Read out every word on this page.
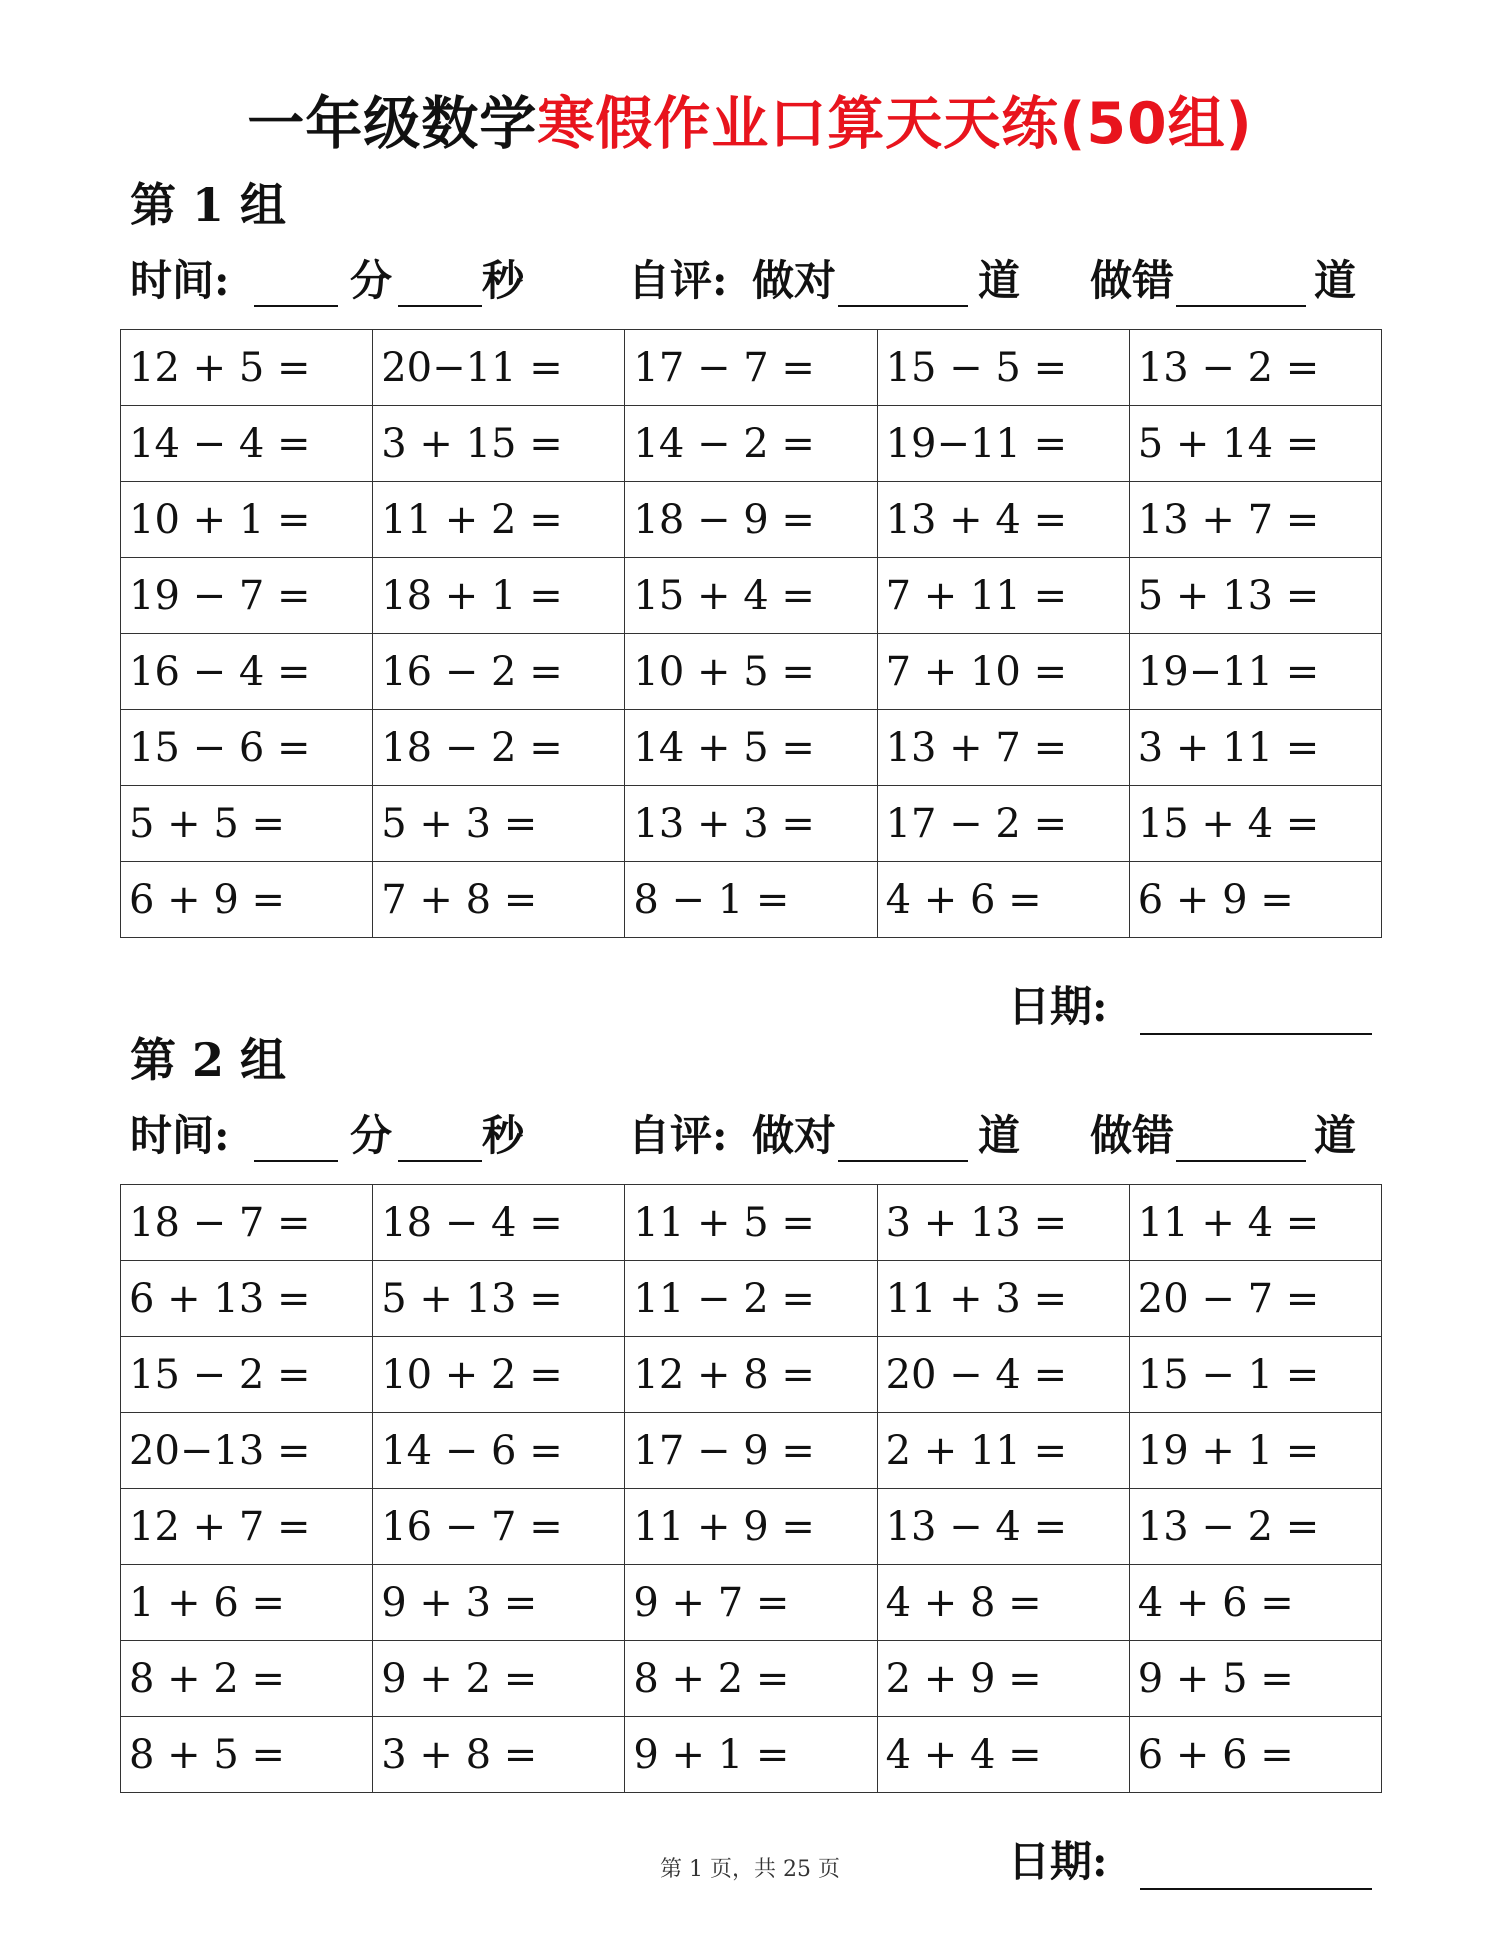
一年级数学寒假作业口算天天练(50组)
第 1 组
时间:	分 秒 自评: 做对	道 做错	道
12 + 5 =	20−11 =	17 − 7 =	15 − 5 =	13 − 2 =
14 − 4 =	3 + 15 =	14 − 2 =	19−11 =	5 + 14 =
10 + 1 =	11 + 2 =	18 − 9 =	13 + 4 =	13 + 7 =
19 − 7 =	18 + 1 =	15 + 4 =	7 + 11 =	5 + 13 =
16 − 4 =	16 − 2 =	10 + 5 =	7 + 10 =	19−11 =
15 − 6 =	18 − 2 =	14 + 5 =	13 + 7 =	3 + 11 =
5 + 5 =	5 + 3 =	13 + 3 =	17 − 2 =	15 + 4 =
6 + 9 =	7 + 8 =	8 − 1 =	4 + 6 =	6 + 9 =
日期:
第 2 组
时间:	分 秒 自评: 做对	道 做错	道
18 − 7 =	18 − 4 =	11 + 5 =	3 + 13 =	11 + 4 =
6 + 13 =	5 + 13 =	11 − 2 =	11 + 3 =	20 − 7 =
15 − 2 =	10 + 2 =	12 + 8 =	20 − 4 =	15 − 1 =
20−13 =	14 − 6 =	17 − 9 =	2 + 11 =	19 + 1 =
12 + 7 =	16 − 7 =	11 + 9 =	13 − 4 =	13 − 2 =
1 + 6 =	9 + 3 =	9 + 7 =	4 + 8 =	4 + 6 =
8 + 2 =	9 + 2 =	8 + 2 =	2 + 9 =	9 + 5 =
8 + 5 =	3 + 8 =	9 + 1 =	4 + 4 =	6 + 6 =
日期:
第 1 页，共 25 页
